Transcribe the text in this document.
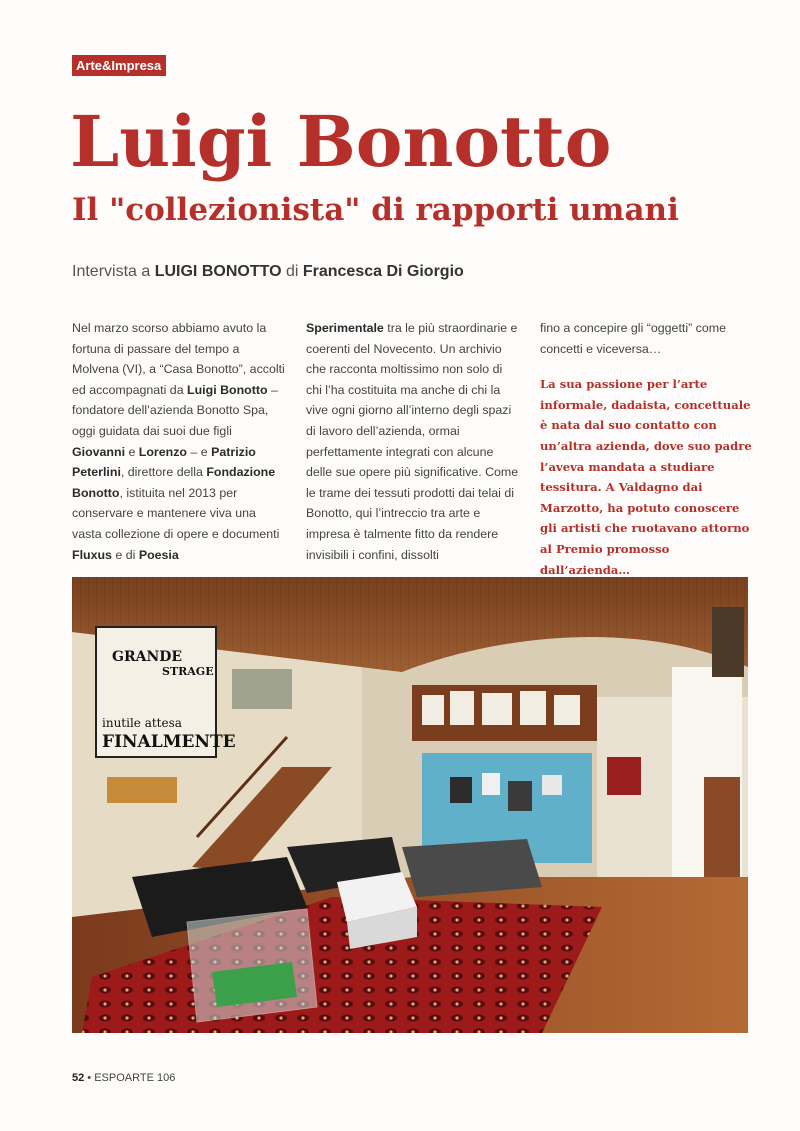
Arte&Impresa
Luigi Bonotto
Il "collezionista" di rapporti umani
Intervista a LUIGI BONOTTO di Francesca Di Giorgio

Nel marzo scorso abbiamo avuto la fortuna di passare del tempo a Molvena (VI), a “Casa Bonotto”, accolti ed accompagnati da Luigi Bonotto – fondatore dell’azienda Bonotto Spa, oggi guidata dai suoi due figli Giovanni e Lorenzo – e Patrizio Peterlini, direttore della Fondazione Bonotto, istituita nel 2013 per conservare e mantenere viva una vasta collezione di opere e documenti Fluxus e di Poesia

Sperimentale tra le più straordinarie e coerenti del Novecento. Un archivio che racconta moltissimo non solo di chi l’ha costituita ma anche di chi la vive ogni giorno all’interno degli spazi di lavoro dell’azienda, ormai perfettamente integrati con alcune delle sue opere più significative. Come le trame dei tessuti prodotti dai telai di Bonotto, qui l’intreccio tra arte e impresa è talmente fitto da rendere invisibili i confini, dissolti

fino a concepire gli “oggetti” come concetti e viceversa…

La sua passione per l’arte informale, dadaista, concettuale è nata dal suo contatto con un’altra azienda, dove suo padre l’aveva mandata a studiare tessitura. A Valdagno dai Marzotto, ha potuto conoscere gli artisti che ruotavano attorno al Premio promosso dall’azienda…

GRANDE
STRAGE
inutile attesa
FINALMENTE
52 • ESPOARTE 106
